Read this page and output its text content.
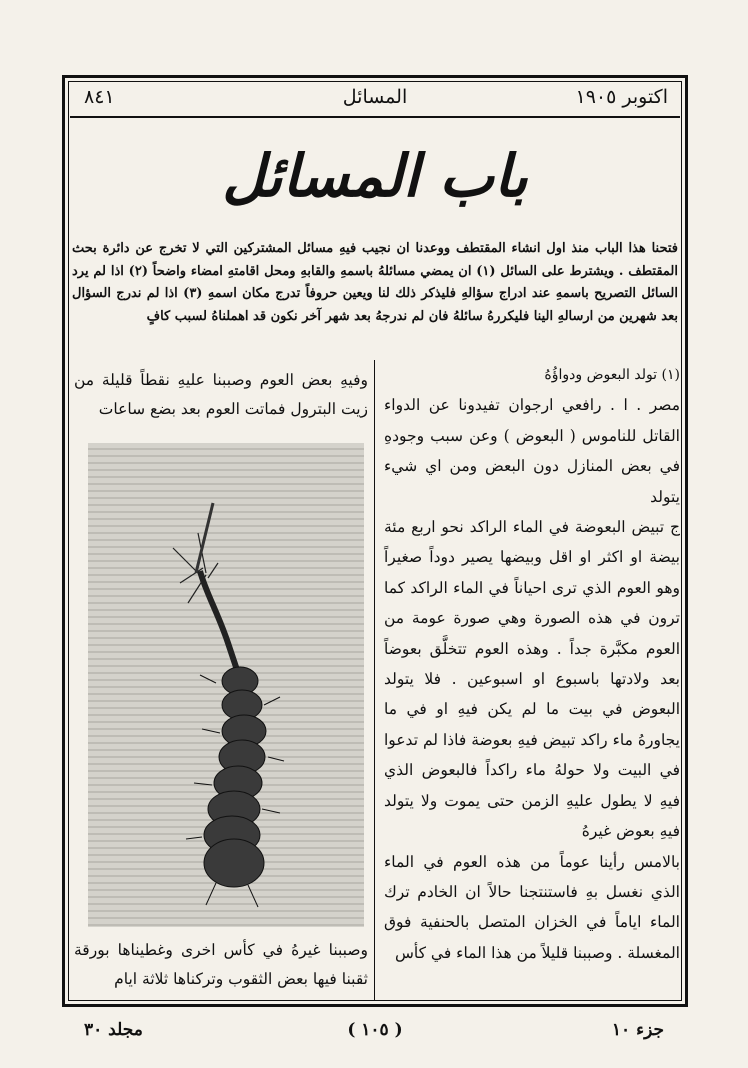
اكتوبر ١٩٠٥
المسائل
٨٤١
باب المسائل
فتحنا هذا الباب منذ اول انشاء المقتطف ووعدنا ان نجيب فيهِ مسائل المشتركين التي لا تخرج عن دائرة بحث المقتطف . ويشترط على السائل (١) ان يمضي مسائلهُ باسمهِ والقابهِ ومحل اقامتهِ امضاء واضحاً (٢) اذا لم يرد السائل التصريح باسمهِ عند ادراج سؤالهِ فليذكر ذلك لنا ويعين حروفاً تدرج مكان اسمهِ (٣) اذا لم ندرج السؤال بعد شهرين من ارسالهِ الينا فليكررهُ سائلهُ فان لم ندرجهُ بعد شهر آخر نكون قد اهملناهُ لسبب كافٍ

(١) تولد البعوض ودواؤُهُ

مصر . ا . رافعي ارجوان تفيدونا عن الدواء القاتل للناموس ( البعوض ) وعن سبب وجودهِ في بعض المنازل دون البعض ومن اي شيء يتولد

ج تبيض البعوضة في الماء الراكد نحو اربع مئة بيضة او اكثر او اقل وبيضها يصير دوداً صغيراً وهو العوم الذي ترى احياناً في الماء الراكد كما ترون في هذه الصورة وهي صورة عومة من العوم مكبَّرة جداً . وهذه العوم تتخلَّق بعوضاً بعد ولادتها باسبوع او اسبوعين . فلا يتولد البعوض في بيت ما لم يكن فيهِ او في ما يجاورهُ ماء راكد تبيض فيهِ بعوضة فاذا لم تدعوا في البيت ولا حولهُ ماء راكداً فالبعوض الذي فيهِ لا يطول عليهِ الزمن حتى يموت ولا يتولد فيهِ بعوض غيرهُ

بالامس رأينا عوماً من هذه العوم في الماء الذي نغسل بهِ فاستنتجنا حالاً ان الخادم ترك الماء اياماً في الخزان المتصل بالحنفية فوق المغسلة . وصببنا قليلاً من هذا الماء في كأس

وفيهِ بعض العوم وصببنا عليهِ نقطاً قليلة من زيت البترول فماتت العوم بعد بضع ساعات
وصببنا غيرهُ في كأس اخرى وغطيناها بورقة ثقبنا فيها بعض الثقوب وتركناها ثلاثة ايام
جزء ١٠
( ١٠٥ )
مجلد ٣٠
